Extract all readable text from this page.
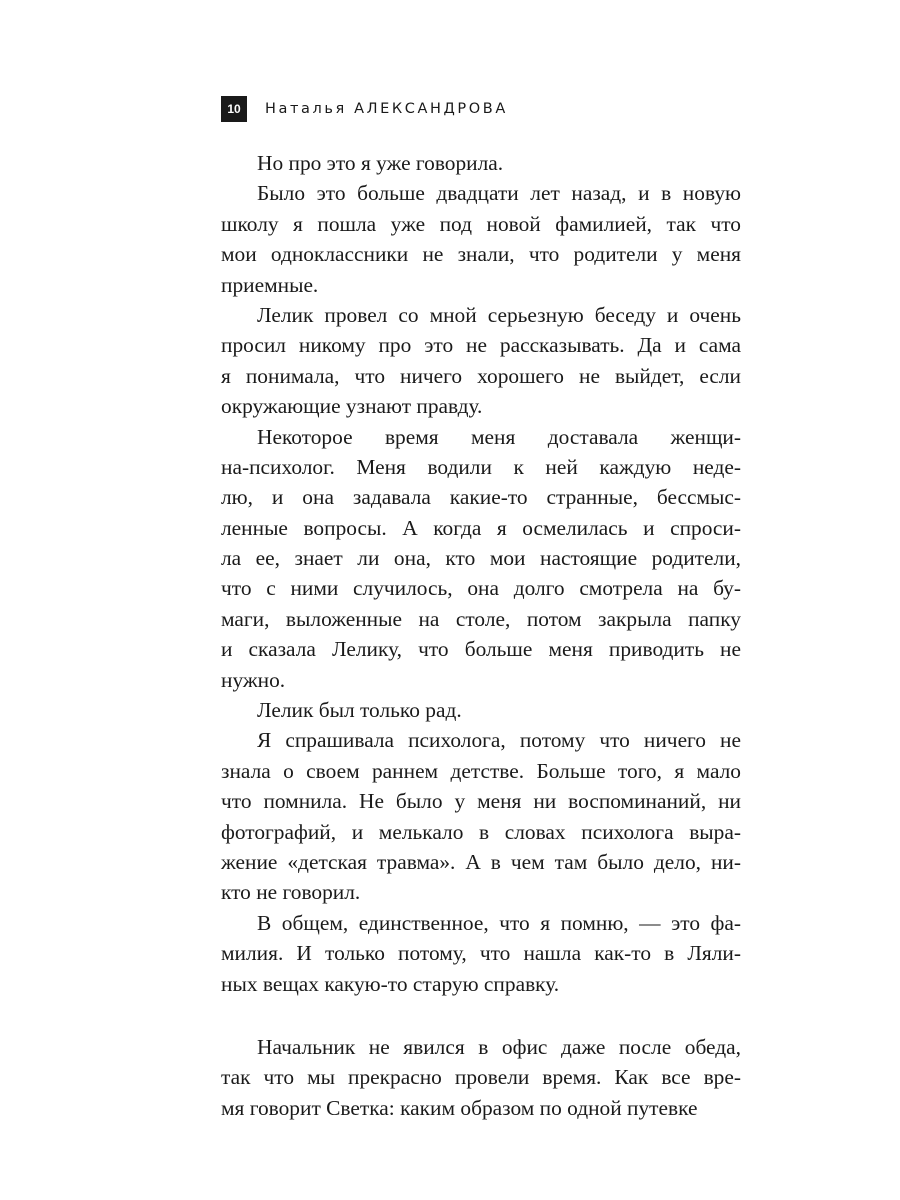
10	Наталья АЛЕКСАНДРОВА
Но про это я уже говорила.
Было это больше двадцати лет назад, и в новую
школу я пошла уже под новой фамилией, так что
мои одноклассники не знали, что родители у меня
приемные.
Лелик провел со мной серьезную беседу и очень
просил никому про это не рассказывать. Да и сама
я понимала, что ничего хорошего не выйдет, если
окружающие узнают правду.
Некоторое время меня доставала женщи-
на-психолог. Меня водили к ней каждую неде-
лю, и она задавала какие-то странные, бессмыс-
ленные вопросы. А когда я осмелилась и спроси-
ла ее, знает ли она, кто мои настоящие родители,
что с ними случилось, она долго смотрела на бу-
маги, выложенные на столе, потом закрыла папку
и сказала Лелику, что больше меня приводить не
нужно.
Лелик был только рад.
Я спрашивала психолога, потому что ничего не
знала о своем раннем детстве. Больше того, я мало
что помнила. Не было у меня ни воспоминаний, ни
фотографий, и мелькало в словах психолога выра-
жение «детская травма». А в чем там было дело, ни-
кто не говорил.
В общем, единственное, что я помню, — это фа-
милия. И только потому, что нашла как-то в Ляли-
ных вещах какую-то старую справку.
Начальник не явился в офис даже после обеда,
так что мы прекрасно провели время. Как все вре-
мя говорит Светка: каким образом по одной путевке
